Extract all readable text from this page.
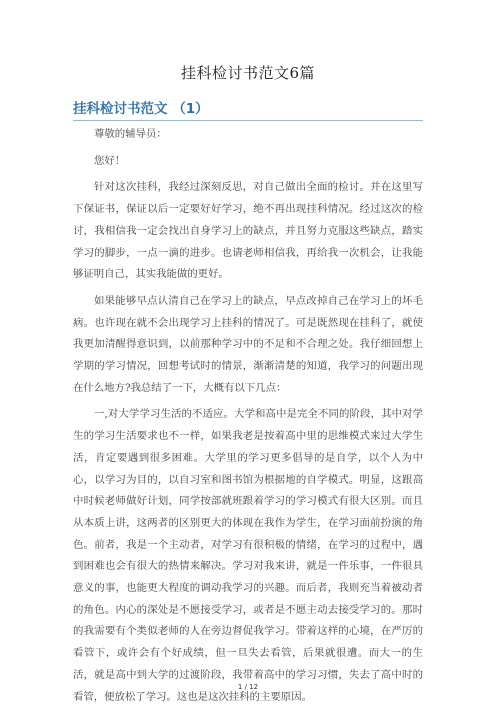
挂科检讨书范文6篇
挂科检讨书范文 （1）

尊敬的辅导员：

您好！

针对这次挂科，我经过深刻反思，对自己做出全面的检讨。并在这里写下保证书，保证以后一定要好好学习，绝不再出现挂科情况。经过这次的检讨，我相信我一定会找出自身学习上的缺点，并且努力克服这些缺点，踏实学习的脚步，一点一滴的进步。也请老师相信我，再给我一次机会，让我能够证明自己，其实我能做的更好。

如果能够早点认清自己在学习上的缺点，早点改掉自己在学习上的坏毛病。也许现在就不会出现学习上挂科的情况了。可是既然现在挂科了，就使我更加清醒得意识到，以前那种学习中的不足和不合理之处。我仔细回想上学期的学习情况，回想考试时的情景，渐渐清楚的知道，我学习的问题出现在什么地方?我总结了一下，大概有以下几点：

一,对大学学习生活的不适应。大学和高中是完全不同的阶段，其中对学生的学习生活要求也不一样，如果我老是按着高中里的思维模式来过大学生活，肯定要遇到很多困难。大学里的学习更多倡导的是自学，以个人为中心，以学习为目的，以自习室和图书馆为根据地的自学模式。明显，这跟高中时候老师做好计划，同学按部就班跟着学习的学习模式有很大区别。而且从本质上讲，这两者的区别更大的体现在我作为学生，在学习面前扮演的角色。前者，我是一个主动者，对学习有很积极的情绪，在学习的过程中，遇到困难也会有很大的热情来解决。学习对我来讲，就是一件乐事，一件很具意义的事，也能更大程度的调动我学习的兴趣。而后者，我则充当着被动者的角色。内心的深处是不愿接受学习，或者是不愿主动去接受学习的。那时的我需要有个类似老师的人在旁边督促我学习。带着这样的心境，在严厉的看管下，或许会有个好成绩，但一旦失去看管，后果就很遭。而大一的生活，就是高中到大学的过渡阶段，我带着高中的学习习惯，失去了高中时的看管，便放松了学习。这也是这次挂科的主要原因。

1 / 12
